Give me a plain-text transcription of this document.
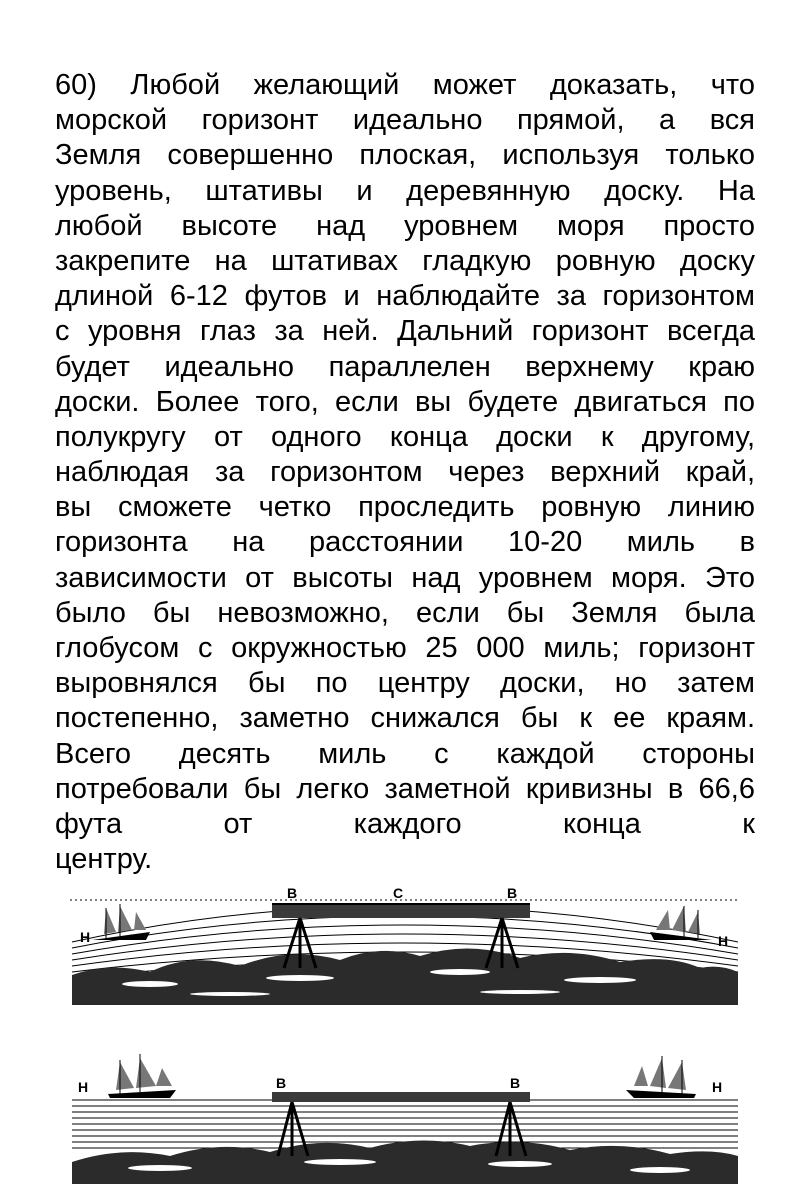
60) Любой желающий может доказать, что
морской горизонт идеально прямой, а вся
Земля совершенно плоская, используя только
уровень, штативы и деревянную доску. На
любой высоте над уровнем моря просто
закрепите на штативах гладкую ровную доску
длиной 6-12 футов и наблюдайте за горизонтом
с уровня глаз за ней. Дальний горизонт всегда
будет идеально параллелен верхнему краю
доски. Более того, если вы будете двигаться по
полукругу от одного конца доски к другому,
наблюдая за горизонтом через верхний край,
вы сможете четко проследить ровную линию
горизонта на расстоянии 10-20 миль в
зависимости от высоты над уровнем моря. Это
было бы невозможно, если бы Земля была
глобусом с окружностью 25 000 миль; горизонт
выровнялся бы по центру доски, но затем
постепенно, заметно снижался бы к ее краям.
Всего десять миль с каждой стороны
потребовали бы легко заметной кривизны в 66,6
фута от каждого конца к
центру.
H	H
B	C	B
H	H
B	B
